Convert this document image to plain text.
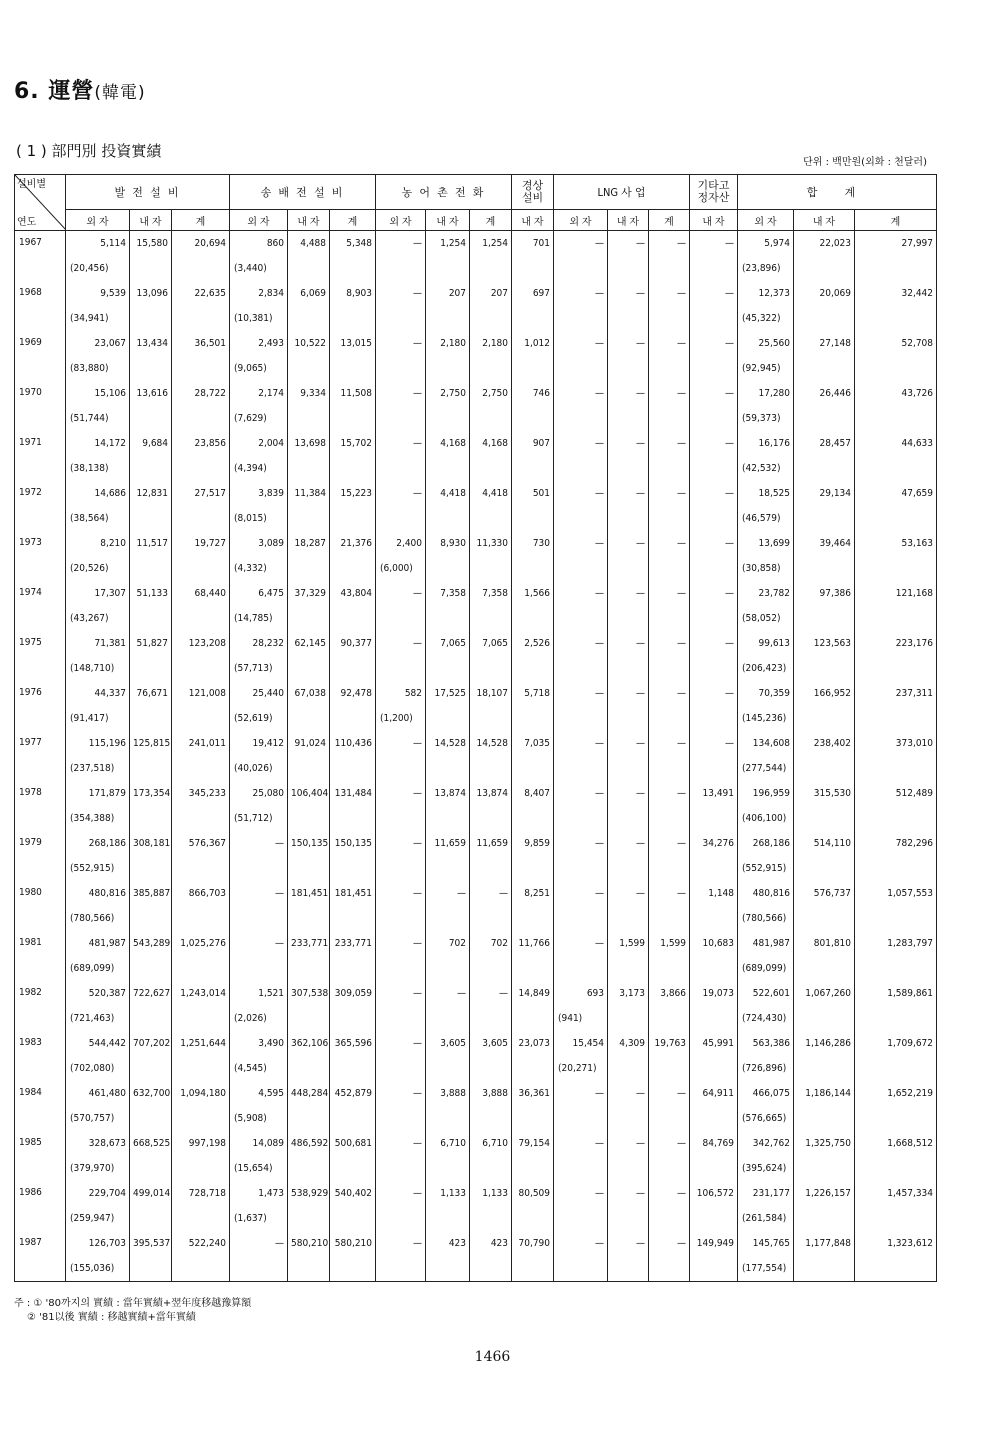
6. 運營(韓電)
( 1 ) 部門別 投資實績
단위 : 백만원(외화 : 천달러)
설비별
연도	발 전 설 비			송 배 전 설 비			농 어 촌 전 화			경상
설비	LNG 사 업			기타고
정자산	합 계		
	외 자	내 자	계	외 자	내 자	계	외 자	내 자	계	내 자	외 자	내 자	계	내 자	외 자	내 자	계
1967	5,114	15,580	20,694	860	4,488	5,348	—	1,254	1,254	701	—	—	—	—	5,974	22,023	27,997
	(20,456)			(3,440)											(23,896)		
1968	9,539	13,096	22,635	2,834	6,069	8,903	—	207	207	697	—	—	—	—	12,373	20,069	32,442
	(34,941)			(10,381)											(45,322)		
1969	23,067	13,434	36,501	2,493	10,522	13,015	—	2,180	2,180	1,012	—	—	—	—	25,560	27,148	52,708
	(83,880)			(9,065)											(92,945)		
1970	15,106	13,616	28,722	2,174	9,334	11,508	—	2,750	2,750	746	—	—	—	—	17,280	26,446	43,726
	(51,744)			(7,629)											(59,373)		
1971	14,172	9,684	23,856	2,004	13,698	15,702	—	4,168	4,168	907	—	—	—	—	16,176	28,457	44,633
	(38,138)			(4,394)											(42,532)		
1972	14,686	12,831	27,517	3,839	11,384	15,223	—	4,418	4,418	501	—	—	—	—	18,525	29,134	47,659
	(38,564)			(8,015)											(46,579)		
1973	8,210	11,517	19,727	3,089	18,287	21,376	2,400	8,930	11,330	730	—	—	—	—	13,699	39,464	53,163
	(20,526)			(4,332)			(6,000)								(30,858)		
1974	17,307	51,133	68,440	6,475	37,329	43,804	—	7,358	7,358	1,566	—	—	—	—	23,782	97,386	121,168
	(43,267)			(14,785)											(58,052)		
1975	71,381	51,827	123,208	28,232	62,145	90,377	—	7,065	7,065	2,526	—	—	—	—	99,613	123,563	223,176
	(148,710)			(57,713)											(206,423)		
1976	44,337	76,671	121,008	25,440	67,038	92,478	582	17,525	18,107	5,718	—	—	—	—	70,359	166,952	237,311
	(91,417)			(52,619)			(1,200)								(145,236)		
1977	115,196	125,815	241,011	19,412	91,024	110,436	—	14,528	14,528	7,035	—	—	—	—	134,608	238,402	373,010
	(237,518)			(40,026)											(277,544)		
1978	171,879	173,354	345,233	25,080	106,404	131,484	—	13,874	13,874	8,407	—	—	—	13,491	196,959	315,530	512,489
	(354,388)			(51,712)											(406,100)		
1979	268,186	308,181	576,367	—	150,135	150,135	—	11,659	11,659	9,859	—	—	—	34,276	268,186	514,110	782,296
	(552,915)														(552,915)		
1980	480,816	385,887	866,703	—	181,451	181,451	—	—	—	8,251	—	—	—	1,148	480,816	576,737	1,057,553
	(780,566)														(780,566)		
1981	481,987	543,289	1,025,276	—	233,771	233,771	—	702	702	11,766	—	1,599	1,599	10,683	481,987	801,810	1,283,797
	(689,099)														(689,099)		
1982	520,387	722,627	1,243,014	1,521	307,538	309,059	—	—	—	14,849	693	3,173	3,866	19,073	522,601	1,067,260	1,589,861
	(721,463)			(2,026)							(941)				(724,430)		
1983	544,442	707,202	1,251,644	3,490	362,106	365,596	—	3,605	3,605	23,073	15,454	4,309	19,763	45,991	563,386	1,146,286	1,709,672
	(702,080)			(4,545)							(20,271)				(726,896)		
1984	461,480	632,700	1,094,180	4,595	448,284	452,879	—	3,888	3,888	36,361	—	—	—	64,911	466,075	1,186,144	1,652,219
	(570,757)			(5,908)											(576,665)		
1985	328,673	668,525	997,198	14,089	486,592	500,681	—	6,710	6,710	79,154	—	—	—	84,769	342,762	1,325,750	1,668,512
	(379,970)			(15,654)											(395,624)		
1986	229,704	499,014	728,718	1,473	538,929	540,402	—	1,133	1,133	80,509	—	—	—	106,572	231,177	1,226,157	1,457,334
	(259,947)			(1,637)											(261,584)		
1987	126,703	395,537	522,240	—	580,210	580,210	—	423	423	70,790	—	—	—	149,949	145,765	1,177,848	1,323,612
	(155,036)														(177,554)		
주 : ① '80까지의 實績 : 當年實績+翌年度移越豫算額
② '81以後 實績 : 移越實績+當年實績
1466
